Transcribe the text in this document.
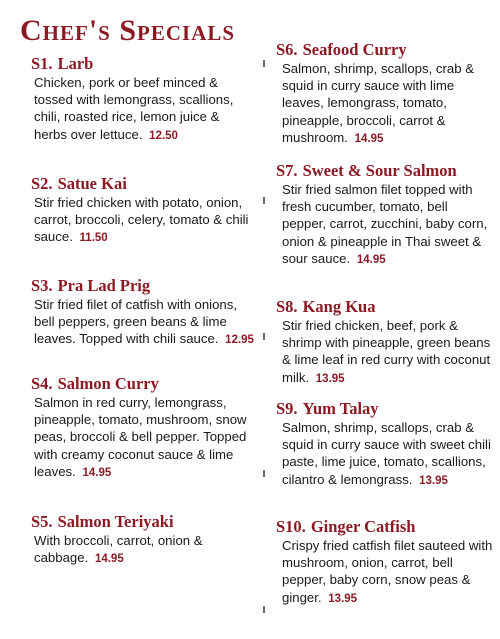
Chef's Specials
S1. Larb
Chicken, pork or beef minced & tossed with lemongrass, scallions, chili, roasted rice, lemon juice & herbs over lettuce. 12.50
S2. Satue Kai
Stir fried chicken with potato, onion, carrot, broccoli, celery, tomato & chili sauce. 11.50
S3. Pra Lad Prig
Stir fried filet of catfish with onions, bell peppers, green beans & lime leaves. Topped with chili sauce. 12.95
S4. Salmon Curry
Salmon in red curry, lemongrass, pineapple, tomato, mushroom, snow peas, broccoli & bell pepper. Topped with creamy coconut sauce & lime leaves. 14.95
S5. Salmon Teriyaki
With broccoli, carrot, onion & cabbage. 14.95
S6. Seafood Curry
Salmon, shrimp, scallops, crab & squid in curry sauce with lime leaves, lemongrass, tomato, pineapple, broccoli, carrot & mushroom. 14.95
S7. Sweet & Sour Salmon
Stir fried salmon filet topped with fresh cucumber, tomato, bell pepper, carrot, zucchini, baby corn, onion & pineapple in Thai sweet & sour sauce. 14.95
S8. Kang Kua
Stir fried chicken, beef, pork & shrimp with pineapple, green beans & lime leaf in red curry with coconut milk. 13.95
S9. Yum Talay
Salmon, shrimp, scallops, crab & squid in curry sauce with sweet chili paste, lime juice, tomato, scallions, cilantro & lemongrass. 13.95
S10. Ginger Catfish
Crispy fried catfish filet sauteed with mushroom, onion, carrot, bell pepper, baby corn, snow peas & ginger. 13.95
